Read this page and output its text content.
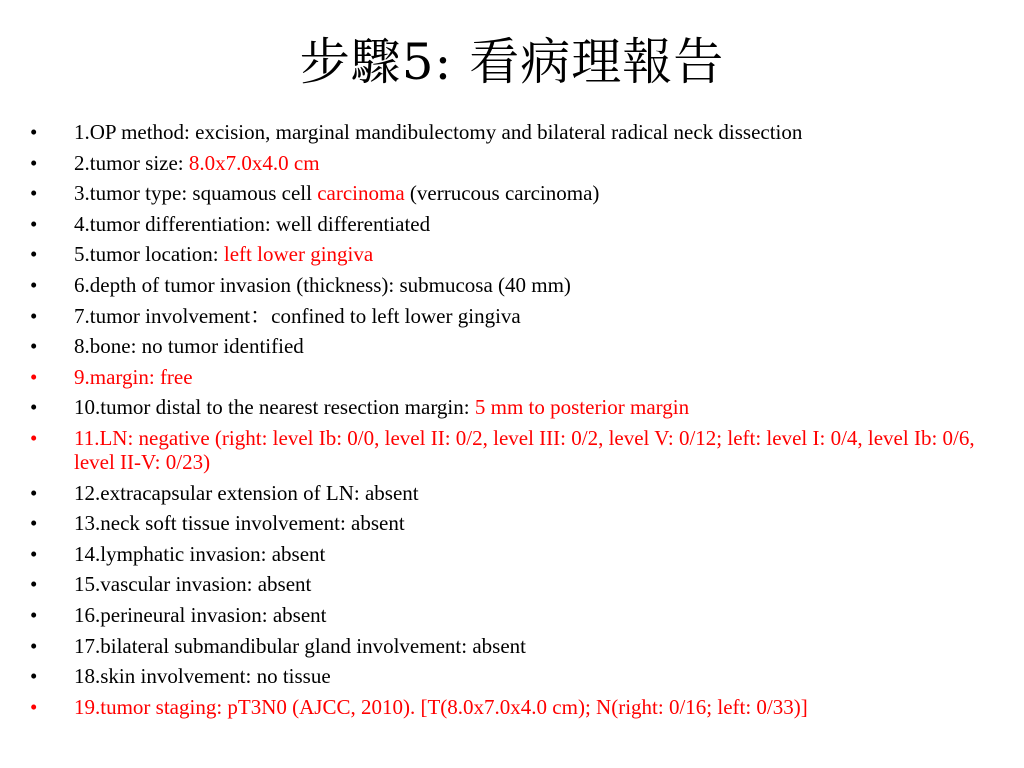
步驟5: 看病理報告
•	1.OP method: excision, marginal mandibulectomy and bilateral radical neck dissection
•	2.tumor size: 8.0x7.0x4.0 cm
•	3.tumor type: squamous cell carcinoma (verrucous carcinoma)
•	4.tumor differentiation: well differentiated
•	5.tumor location: left lower gingiva
•	6.depth of tumor invasion (thickness): submucosa (40 mm)
•	7.tumor involvement：confined to left lower gingiva
•	8.bone: no tumor identified
•	9.margin: free
•	10.tumor distal to the nearest resection margin: 5 mm to posterior margin
•	11.LN: negative (right: level Ib: 0/0, level II: 0/2, level III: 0/2, level V: 0/12; left: level I: 0/4, level Ib: 0/6, level II-V: 0/23)
•	12.extracapsular extension of LN: absent
•	13.neck soft tissue involvement: absent
•	14.lymphatic invasion: absent
•	15.vascular invasion: absent
•	16.perineural invasion: absent
•	17.bilateral submandibular gland involvement: absent
•	18.skin involvement: no tissue
•	19.tumor staging: pT3N0 (AJCC, 2010). [T(8.0x7.0x4.0 cm); N(right: 0/16; left: 0/33)]
